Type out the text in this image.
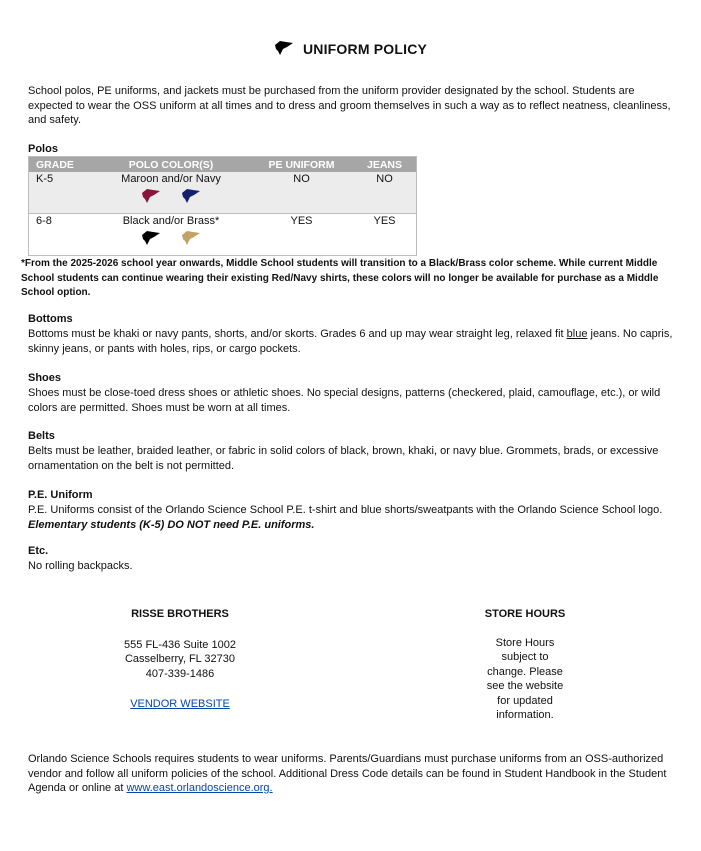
UNIFORM POLICY
School polos, PE uniforms, and jackets must be purchased from the uniform provider designated by the school. Students are expected to wear the OSS uniform at all times and to dress and groom themselves in such a way as to reflect neatness, cleanliness, and safety.
Polos
GRADE	POLO COLOR(S)	PE UNIFORM	JEANS
K-5	Maroon and/or Navy	NO	NO
6-8	Black and/or Brass*	YES	YES
*From the 2025-2026 school year onwards, Middle School students will transition to a Black/Brass color scheme. While current Middle School students can continue wearing their existing Red/Navy shirts, these colors will no longer be available for purchase as a Middle School option.
Bottoms
Bottoms must be khaki or navy pants, shorts, and/or skorts. Grades 6 and up may wear straight leg, relaxed fit blue jeans. No capris, skinny jeans, or pants with holes, rips, or cargo pockets.
Shoes
Shoes must be close-toed dress shoes or athletic shoes. No special designs, patterns (checkered, plaid, camouflage, etc.), or wild colors are permitted. Shoes must be worn at all times.
Belts
Belts must be leather, braided leather, or fabric in solid colors of black, brown, khaki, or navy blue. Grommets, brads, or excessive ornamentation on the belt is not permitted.
P.E. Uniform
P.E. Uniforms consist of the Orlando Science School P.E. t-shirt and blue shorts/sweatpants with the Orlando Science School logo.
Elementary students (K-5) DO NOT need P.E. uniforms.
Etc.
No rolling backpacks.
RISSE BROTHERS
555 FL-436 Suite 1002
Casselberry, FL 32730
407-339-1486
VENDOR WEBSITE
STORE HOURS
Store Hours
subject to
change. Please
see the website
for updated
information.
Orlando Science Schools requires students to wear uniforms. Parents/Guardians must purchase uniforms from an OSS-authorized vendor and follow all uniform policies of the school. Additional Dress Code details can be found in Student Handbook in the Student Agenda or online at www.east.orlandoscience.org.
